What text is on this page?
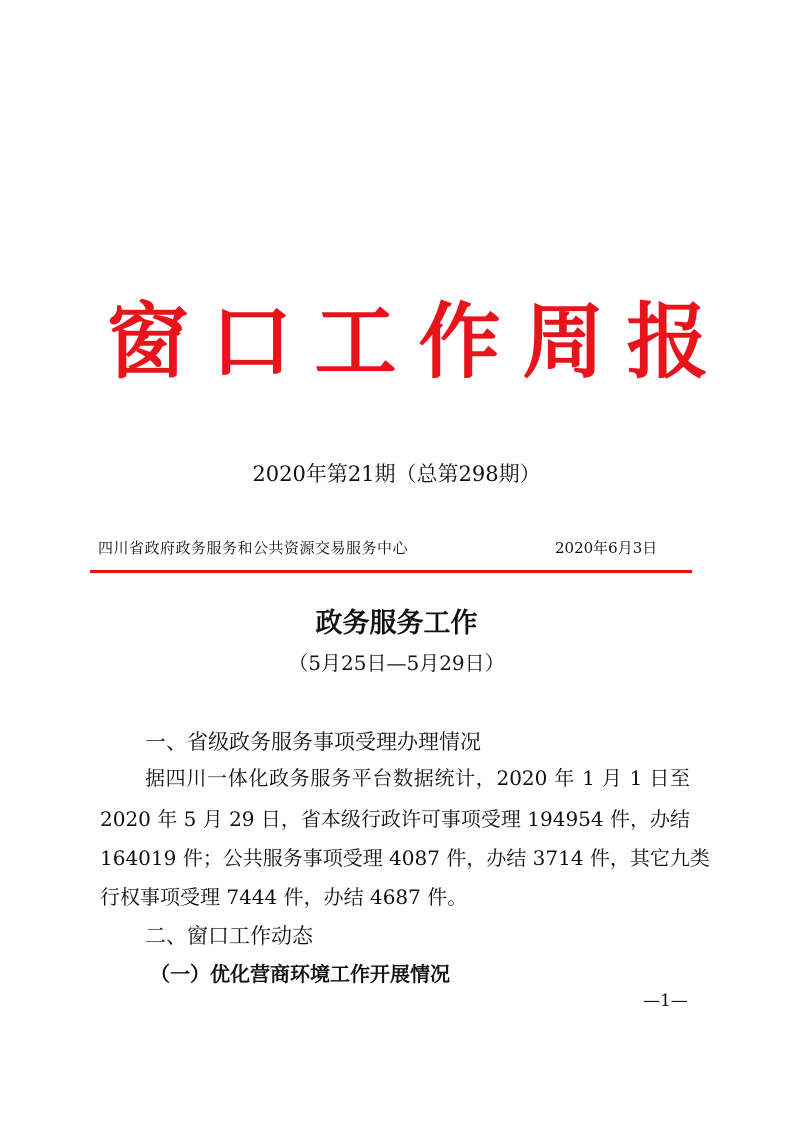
窗口工作周报
2020年第21期（总第298期）
四川省政府政务服务和公共资源交易服务中心	2020年6月3日
政务服务工作
（5月25日—5月29日）
一、省级政务服务事项受理办理情况
据四川一体化政务服务平台数据统计，2020 年 1 月 1 日至
2020 年 5 月 29 日，省本级行政许可事项受理 194954 件，办结
164019 件；公共服务事项受理 4087 件，办结 3714 件，其它九类
行权事项受理 7444 件，办结 4687 件。
二、窗口工作动态
（一）优化营商环境工作开展情况
—1—
